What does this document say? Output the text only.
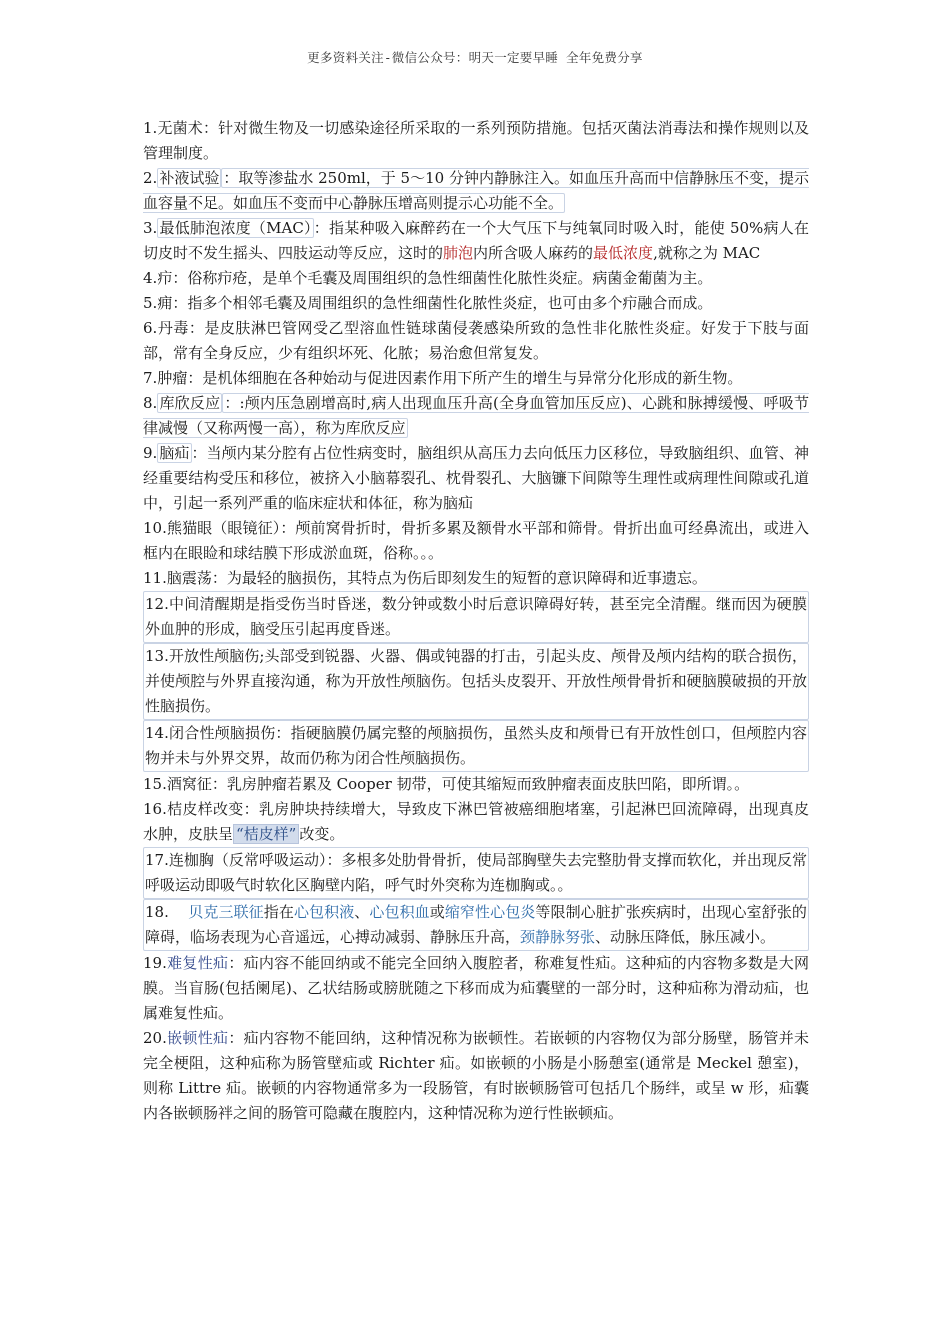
更多资料关注-微信公众号：明天一定要早睡 全年免费分享

1.无菌术：针对微生物及一切感染途径所采取的一系列预防措施。包括灭菌法消毒法和操作规则以及管理制度。

2. 补液试验 ：取等渗盐水 250ml，于 5～10 分钟内静脉注入。如血压升高而中信静脉压不变，提示血容量不足。如血压不变而中心静脉压增高则提示心功能不全。

3. 最低肺泡浓度（MAC） ：指某种吸入麻醉药在一个大气压下与纯氧同时吸入时，能使 50%病人在切皮时不发生摇头、四肢运动等反应，这时的肺泡内所含吸人麻药的最低浓度,就称之为 MAC

4.疖：俗称疖疮，是单个毛囊及周围组织的急性细菌性化脓性炎症。病菌金葡菌为主。

5.痈：指多个相邻毛囊及周围组织的急性细菌性化脓性炎症，也可由多个疖融合而成。

6.丹毒：是皮肤淋巴管网受乙型溶血性链球菌侵袭感染所致的急性非化脓性炎症。好发于下肢与面部，常有全身反应，少有组织坏死、化脓；易治愈但常复发。

7.肿瘤：是机体细胞在各种始动与促进因素作用下所产生的增生与异常分化形成的新生物。

8. 库欣反应 ：:颅内压急剧增高时,病人出现血压升高(全身血管加压反应)、心跳和脉搏缓慢、呼吸节律减慢（又称两慢一高），称为库欣反应

9. 脑疝 ：当颅内某分腔有占位性病变时，脑组织从高压力去向低压力区移位，导致脑组织、血管、神经重要结构受压和移位，被挤入小脑幕裂孔、枕骨裂孔、大脑镰下间隙等生理性或病理性间隙或孔道中，引起一系列严重的临床症状和体征，称为脑疝

10.熊猫眼（眼镜征）：颅前窝骨折时，骨折多累及额骨水平部和筛骨。骨折出血可经鼻流出，或进入框内在眼睑和球结膜下形成淤血斑，俗称。。。

11.脑震荡：为最轻的脑损伤，其特点为伤后即刻发生的短暂的意识障碍和近事遗忘。

12.中间清醒期是指受伤当时昏迷，数分钟或数小时后意识障碍好转，甚至完全清醒。继而因为硬膜外血肿的形成，脑受压引起再度昏迷。

13.开放性颅脑伤;头部受到锐器、火器、偶或钝器的打击，引起头皮、颅骨及颅内结构的联合损伤，并使颅腔与外界直接沟通，称为开放性颅脑伤。包括头皮裂开、开放性颅骨骨折和硬脑膜破损的开放性脑损伤。

14.闭合性颅脑损伤：指硬脑膜仍属完整的颅脑损伤，虽然头皮和颅骨已有开放性创口，但颅腔内容物并未与外界交界，故而仍称为闭合性颅脑损伤。

15.酒窝征：乳房肿瘤若累及 Cooper 韧带，可使其缩短而致肿瘤表面皮肤凹陷，即所谓。。

16.桔皮样改变：乳房肿块持续增大，导致皮下淋巴管被癌细胞堵塞，引起淋巴回流障碍，出现真皮水肿，皮肤呈 “桔皮样” 改变。

17.连枷胸（反常呼吸运动）：多根多处肋骨骨折，使局部胸壁失去完整肋骨支撑而软化，并出现反常呼吸运动即吸气时软化区胸壁内陷，呼气时外突称为连枷胸或。。

18. 贝克三联征指在心包积液、心包积血或缩窄性心包炎等限制心脏扩张疾病时，出现心室舒张的障碍，临场表现为心音遥远，心搏动减弱、静脉压升高，颈静脉努张、动脉压降低，脉压减小。

19.难复性疝：疝内容不能回纳或不能完全回纳入腹腔者，称难复性疝。这种疝的内容物多数是大网膜。当盲肠(包括阑尾)、乙状结肠或膀胱随之下移而成为疝囊壁的一部分时，这种疝称为滑动疝，也属难复性疝。

20.嵌顿性疝：疝内容物不能回纳，这种情况称为嵌顿性。若嵌顿的内容物仅为部分肠壁，肠管并未完全梗阻，这种疝称为肠管壁疝或 Richter 疝。如嵌顿的小肠是小肠憩室(通常是 Meckel 憩室)，则称 Littre 疝。嵌顿的内容物通常多为一段肠管，有时嵌顿肠管可包括几个肠绊，或呈 w 形，疝囊内各嵌顿肠袢之间的肠管可隐藏在腹腔内，这种情况称为逆行性嵌顿疝。
